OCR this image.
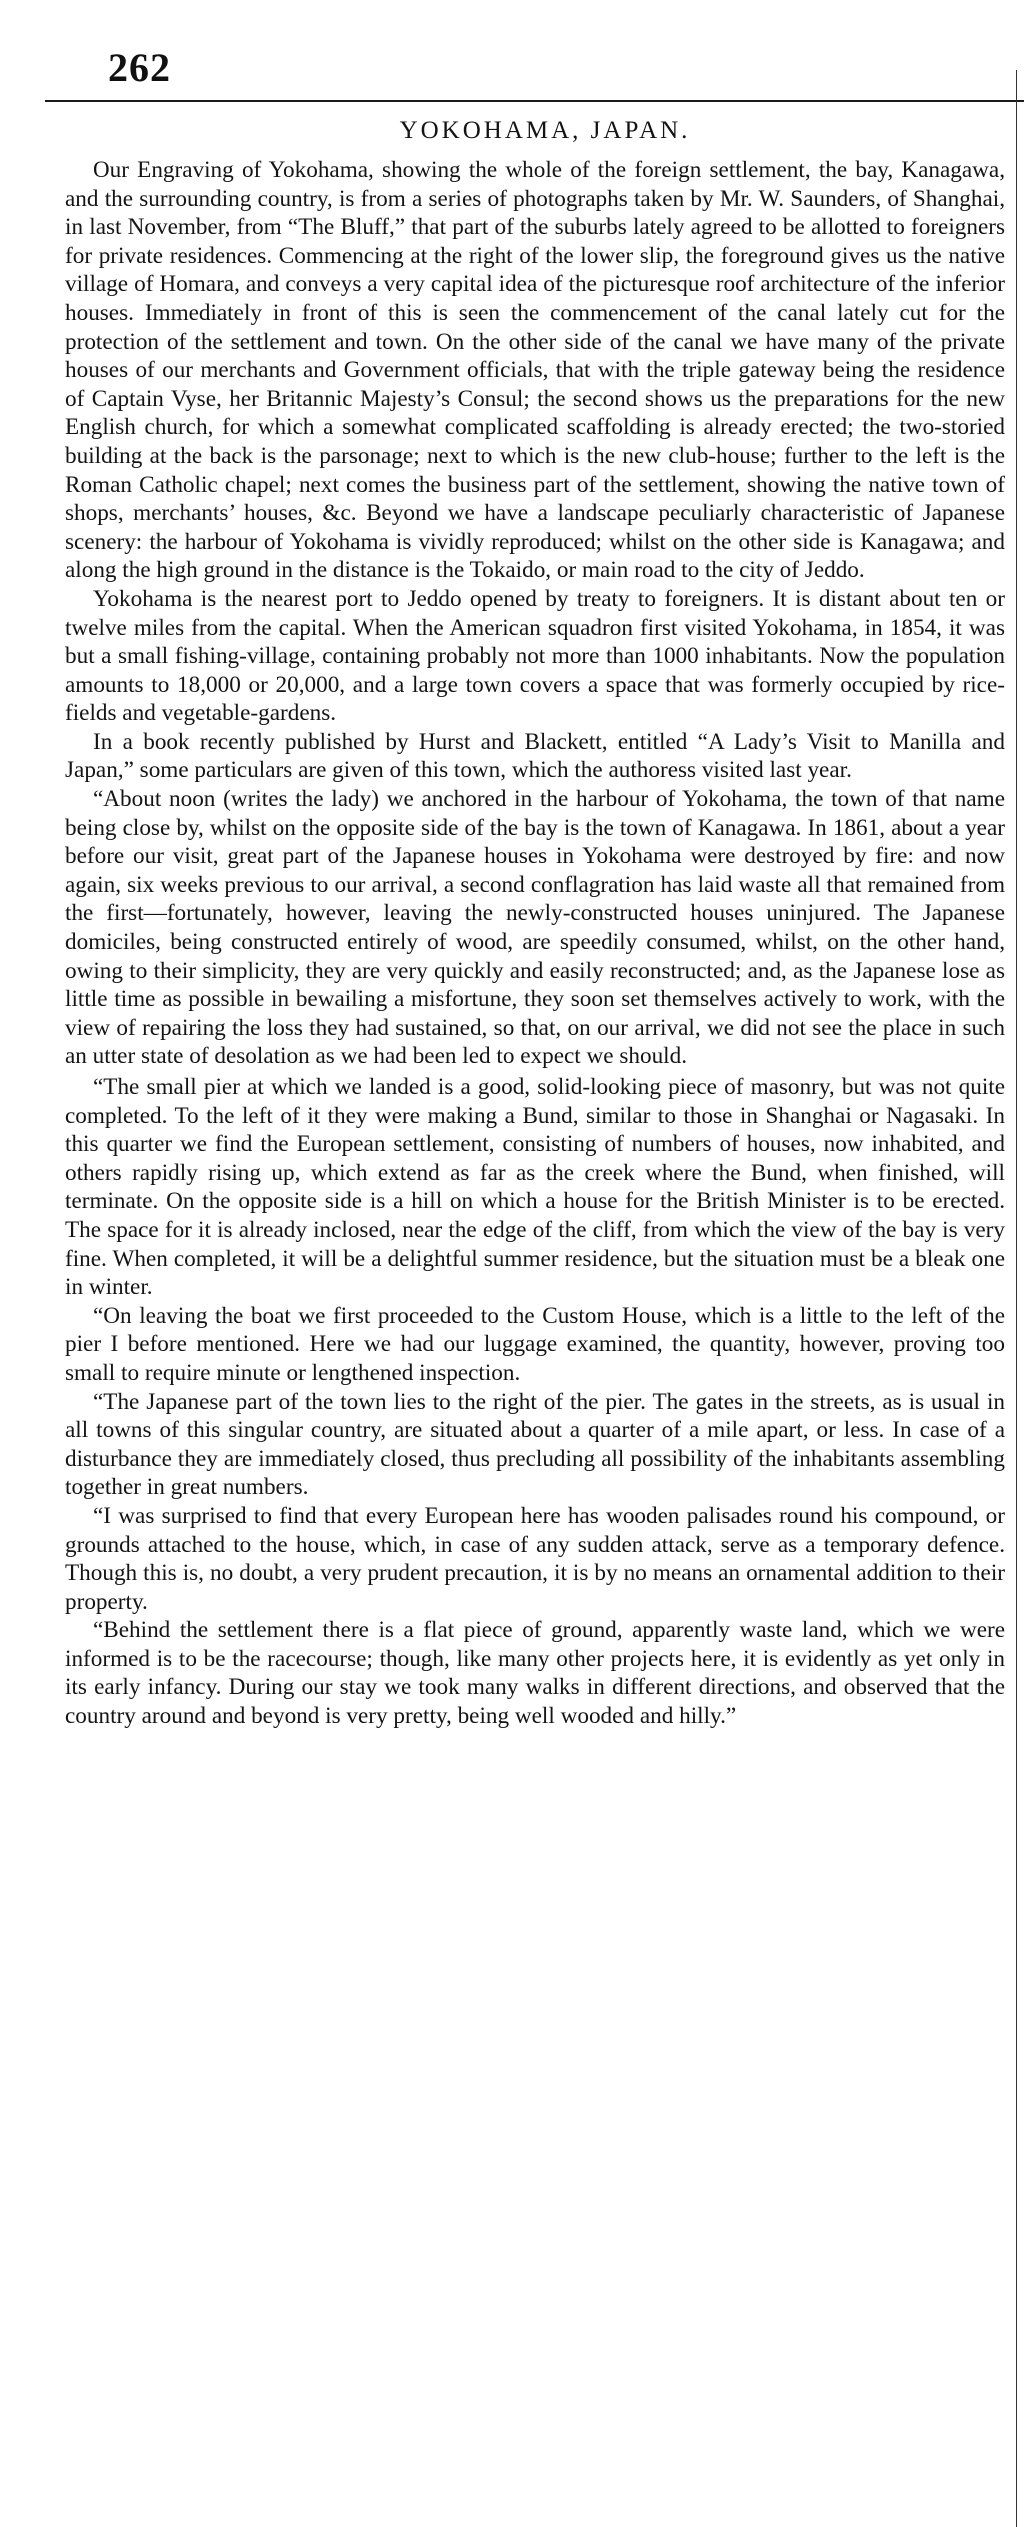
262
YOKOHAMA, JAPAN.

Our Engraving of Yokohama, showing the whole of the foreign settlement, the bay, Kanagawa, and the surrounding country, is from a series of photographs taken by Mr. W. Saunders, of Shanghai, in last November, from “The Bluff,” that part of the suburbs lately agreed to be allotted to foreigners for private residences. Commencing at the right of the lower slip, the foreground gives us the native village of Homara, and conveys a very capital idea of the picturesque roof architecture of the inferior houses. Immediately in front of this is seen the commencement of the canal lately cut for the protection of the settlement and town. On the other side of the canal we have many of the private houses of our merchants and Government officials, that with the triple gateway being the residence of Captain Vyse, her Britannic Majesty’s Consul; the second shows us the preparations for the new English church, for which a somewhat complicated scaffolding is already erected; the two-storied building at the back is the parsonage; next to which is the new club-house; further to the left is the Roman Catholic chapel; next comes the business part of the settlement, showing the native town of shops, merchants’ houses, &c. Beyond we have a landscape peculiarly characteristic of Japanese scenery: the harbour of Yokohama is vividly reproduced; whilst on the other side is Kanagawa; and along the high ground in the distance is the Tokaido, or main road to the city of Jeddo.

Yokohama is the nearest port to Jeddo opened by treaty to foreigners. It is distant about ten or twelve miles from the capital. When the American squadron first visited Yokohama, in 1854, it was but a small fishing-village, containing probably not more than 1000 inhabitants. Now the population amounts to 18,000 or 20,000, and a large town covers a space that was formerly occupied by rice-fields and vegetable-gardens.

In a book recently published by Hurst and Blackett, entitled “A Lady’s Visit to Manilla and Japan,” some particulars are given of this town, which the authoress visited last year.

“About noon (writes the lady) we anchored in the harbour of Yokohama, the town of that name being close by, whilst on the opposite side of the bay is the town of Kanagawa. In 1861, about a year before our visit, great part of the Japanese houses in Yokohama were destroyed by fire: and now again, six weeks previous to our arrival, a second conflagration has laid waste all that remained from the first—fortunately, however, leaving the newly-constructed houses uninjured. The Japanese domiciles, being constructed entirely of wood, are speedily consumed, whilst, on the other hand, owing to their simplicity, they are very quickly and easily reconstructed; and, as the Japanese lose as little time as possible in bewailing a misfortune, they soon set themselves actively to work, with the view of repairing the loss they had sustained, so that, on our arrival, we did not see the place in such an utter state of desolation as we had been led to expect we should.

“The small pier at which we landed is a good, solid-looking piece of masonry, but was not quite completed. To the left of it they were making a Bund, similar to those in Shanghai or Nagasaki. In this quarter we find the European settlement, consisting of numbers of houses, now inhabited, and others rapidly rising up, which extend as far as the creek where the Bund, when finished, will terminate. On the opposite side is a hill on which a house for the British Minister is to be erected. The space for it is already inclosed, near the edge of the cliff, from which the view of the bay is very fine. When completed, it will be a delightful summer residence, but the situation must be a bleak one in winter.

“On leaving the boat we first proceeded to the Custom House, which is a little to the left of the pier I before mentioned. Here we had our luggage examined, the quantity, however, proving too small to require minute or lengthened inspection.

“The Japanese part of the town lies to the right of the pier. The gates in the streets, as is usual in all towns of this singular country, are situated about a quarter of a mile apart, or less. In case of a disturbance they are immediately closed, thus precluding all possibility of the inhabitants assembling together in great numbers.

“I was surprised to find that every European here has wooden palisades round his compound, or grounds attached to the house, which, in case of any sudden attack, serve as a temporary defence. Though this is, no doubt, a very prudent precaution, it is by no means an ornamental addition to their property.

“Behind the settlement there is a flat piece of ground, apparently waste land, which we were informed is to be the racecourse; though, like many other projects here, it is evidently as yet only in its early infancy. During our stay we took many walks in different directions, and observed that the country around and beyond is very pretty, being well wooded and hilly.”
